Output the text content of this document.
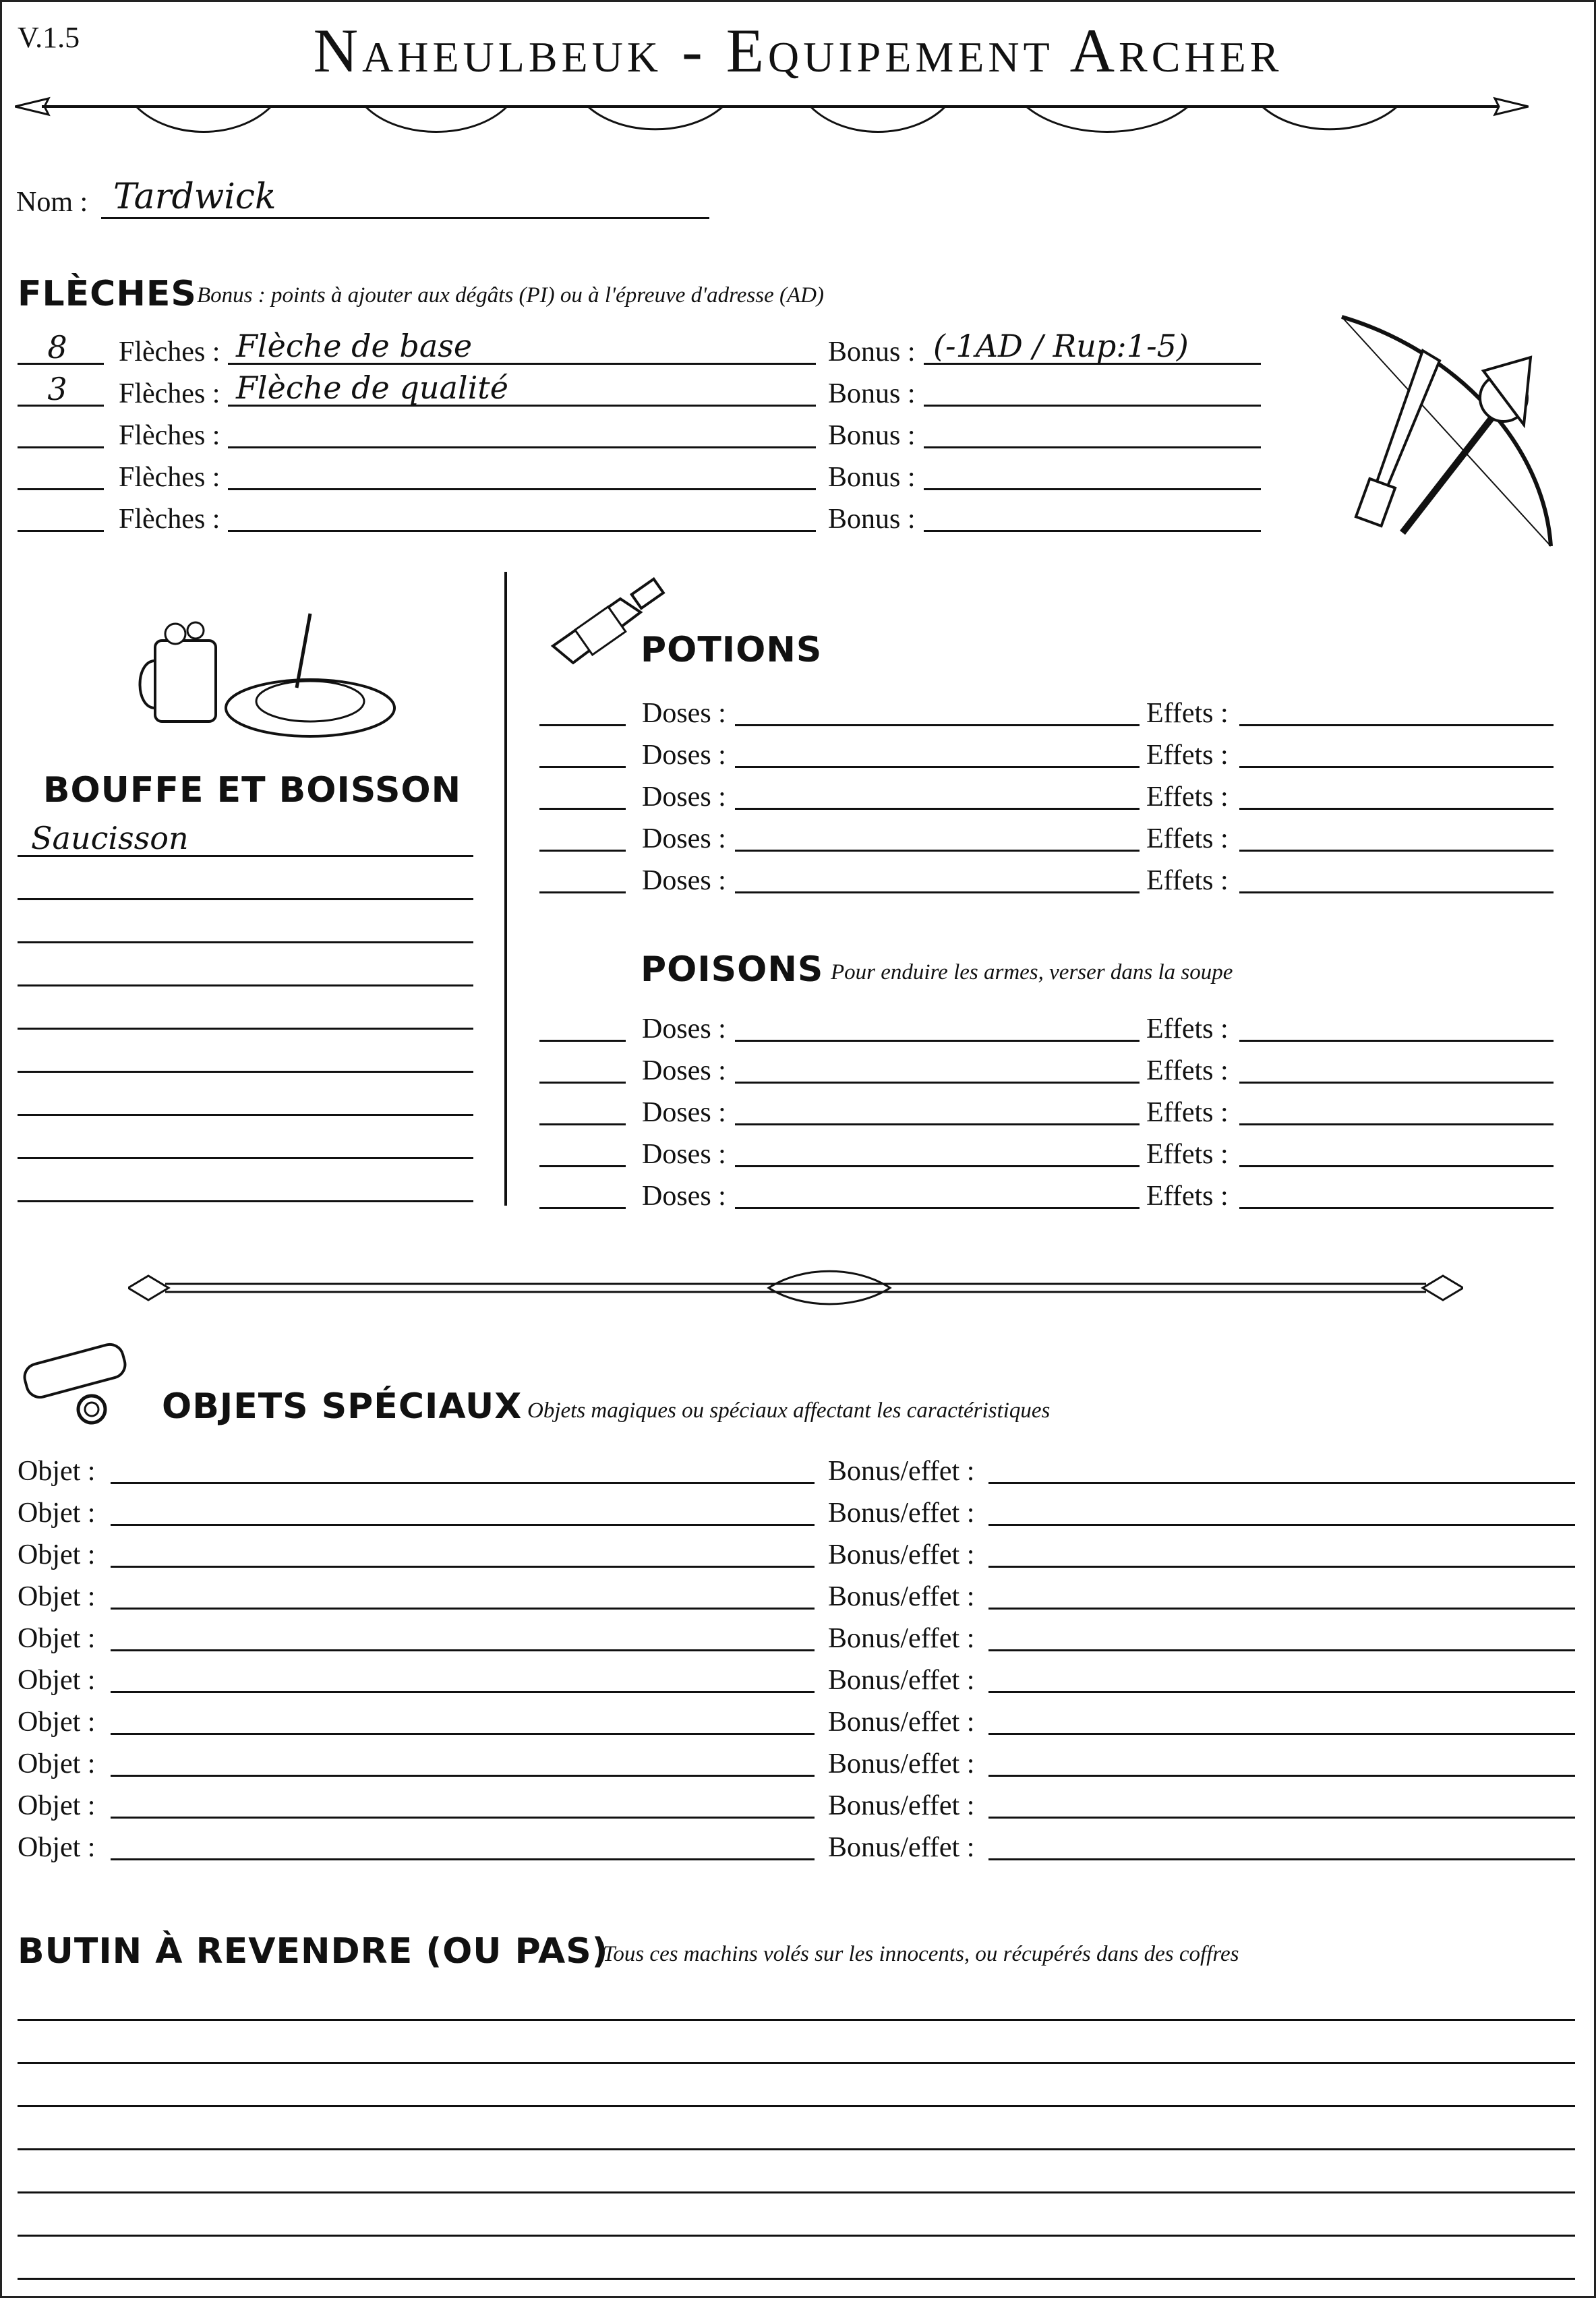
V.1.5	Naheulbeuk - Equipement Archer
Nom : Tardwick
FLÈCHES Bonus : points à ajouter aux dégâts (PI) ou à l'épreuve d'adresse (AD)
8	Flèches : Flèche de base	Bonus : (-1AD / Rup:1-5)
3	Flèches : Flèche de qualité	Bonus :
Flèches :	Bonus :
Flèches :	Bonus :
Flèches :	Bonus :
BOUFFE ET BOISSON
Saucisson
POTIONS
Doses :	Effets :
Doses :	Effets :
Doses :	Effets :
Doses :	Effets :
Doses :	Effets :
POISONS Pour enduire les armes, verser dans la soupe
Doses :	Effets :
Doses :	Effets :
Doses :	Effets :
Doses :	Effets :
Doses :	Effets :
OBJETS SPÉCIAUX Objets magiques ou spéciaux affectant les caractéristiques
Objet :	Bonus/effet :
Objet :	Bonus/effet :
Objet :	Bonus/effet :
Objet :	Bonus/effet :
Objet :	Bonus/effet :
Objet :	Bonus/effet :
Objet :	Bonus/effet :
Objet :	Bonus/effet :
Objet :	Bonus/effet :
Objet :	Bonus/effet :
BUTIN À REVENDRE (OU PAS)
Tous ces machins volés sur les innocents, ou récupérés dans des coffres
